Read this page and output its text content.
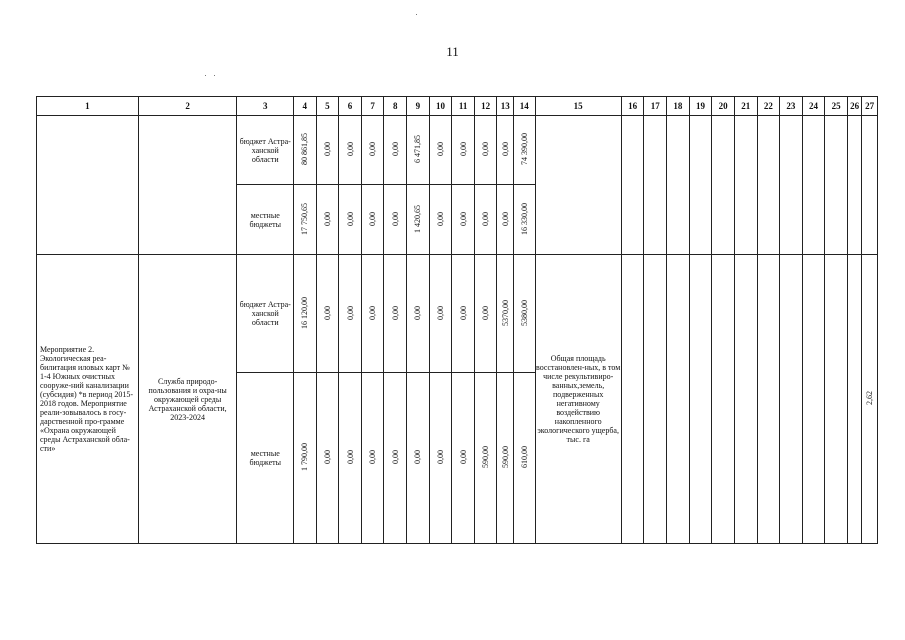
11
1	2	3	4	5	6	7	8	9	10	11	12	13	14	15	16	17	18	19	20	21	22	23	24	25	26	27
		бюджет Астра-ханской области	80 861,85	0,00	0,00	0,00	0,00	6 471,85	0,00	0,00	0,00	0,00	74 390,00													
		местные бюджеты	17 750,65	0,00	0,00	0,00	0,00	1 420,65	0,00	0,00	0,00	0,00	16 330,00													
Мероприятие 2. Экологическая реа-билитация иловых карт № 1-4 Южных очистных сооруже-ний канализации (субсидия) *в период 2015-2018 годов. Мероприятие реали-зовывалось в госу-дарственной про-грамме «Охрана окружающей среды Астраханской обла-сти»	Служба природо-пользования и охра-ны окружающей среды Астраханской области, 2023-2024	бюджет Астра-ханской области	16 120,00	0,00	0,00	0,00	0,00	0,00	0,00	0,00	0,00	5370,00	5380,00	Общая площадь восстановлен-ных, в том числе рекультивиро-ванных,земель, подверженных негативному воздействию накопленного экологического ущерба, тыс. га												2,62
		местные бюджеты	1 790,00	0,00	0,00	0,00	0,00	0,00	0,00	0,00	590,00	590,00	610,00													
